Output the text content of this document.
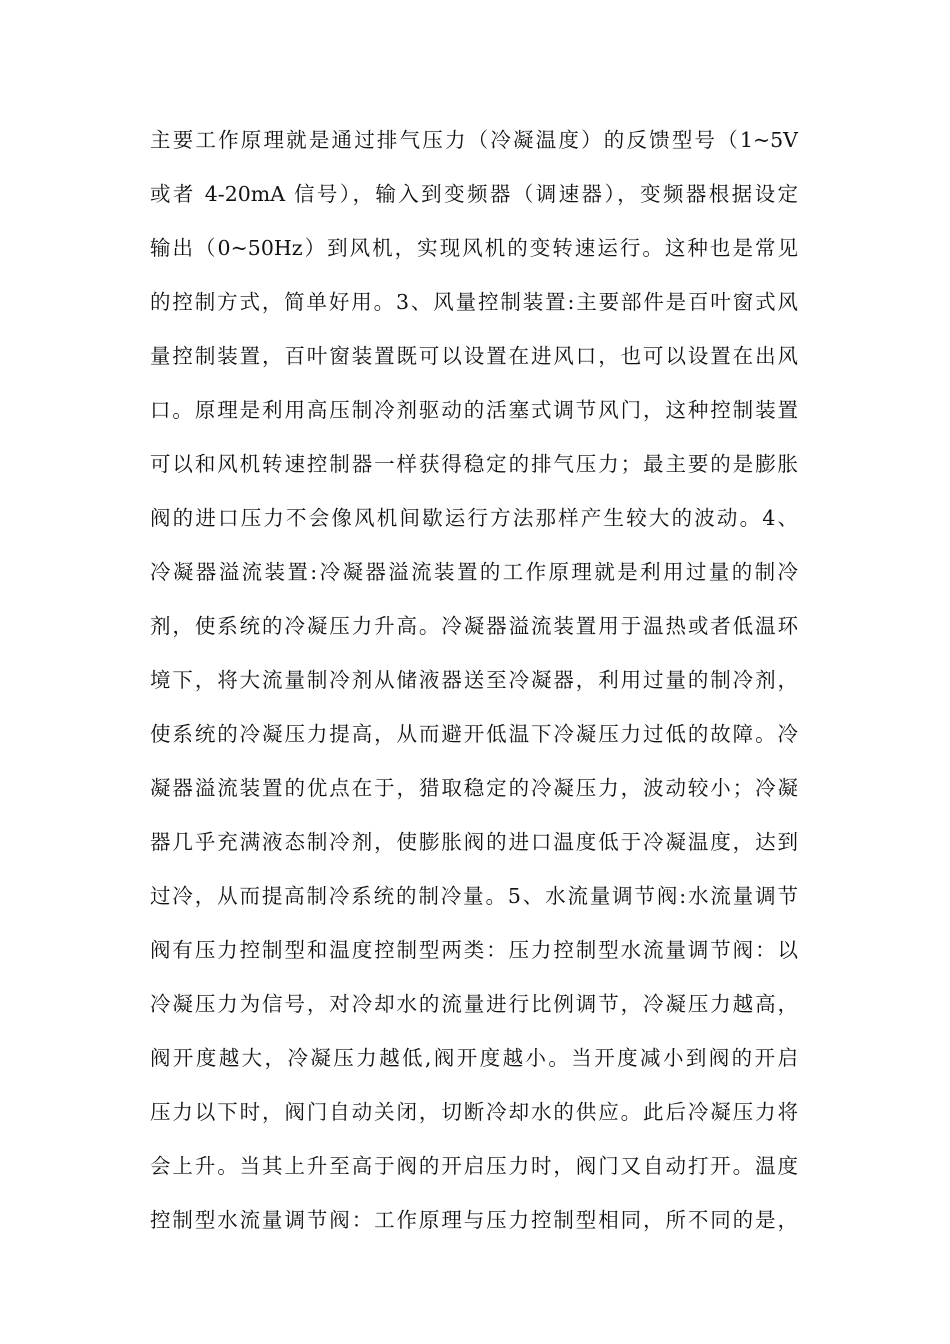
主要工作原理就是通过排气压力（冷凝温度）的反馈型号（1~5V
或者 4-20mA 信号），输入到变频器（调速器），变频器根据设定
输出（0~50Hz）到风机，实现风机的变转速运行。这种也是常见
的控制方式，简单好用。3、风量控制装置:主要部件是百叶窗式风
量控制装置，百叶窗装置既可以设置在进风口，也可以设置在出风
口。原理是利用高压制冷剂驱动的活塞式调节风门，这种控制装置
可以和风机转速控制器一样获得稳定的排气压力；最主要的是膨胀
阀的进口压力不会像风机间歇运行方法那样产生较大的波动。4、
冷凝器溢流装置:冷凝器溢流装置的工作原理就是利用过量的制冷
剂，使系统的冷凝压力升高。冷凝器溢流装置用于温热或者低温环
境下，将大流量制冷剂从储液器送至冷凝器，利用过量的制冷剂，
使系统的冷凝压力提高，从而避开低温下冷凝压力过低的故障。冷
凝器溢流装置的优点在于，猎取稳定的冷凝压力，波动较小；冷凝
器几乎充满液态制冷剂，使膨胀阀的进口温度低于冷凝温度，达到
过冷，从而提高制冷系统的制冷量。5、水流量调节阀:水流量调节
阀有压力控制型和温度控制型两类：压力控制型水流量调节阀：以
冷凝压力为信号，对冷却水的流量进行比例调节，冷凝压力越高，
阀开度越大，冷凝压力越低,阀开度越小。当开度减小到阀的开启
压力以下时，阀门自动关闭，切断冷却水的供应。此后冷凝压力将
会上升。当其上升至高于阀的开启压力时，阀门又自动打开。温度
控制型水流量调节阀：工作原理与压力控制型相同，所不同的是，
